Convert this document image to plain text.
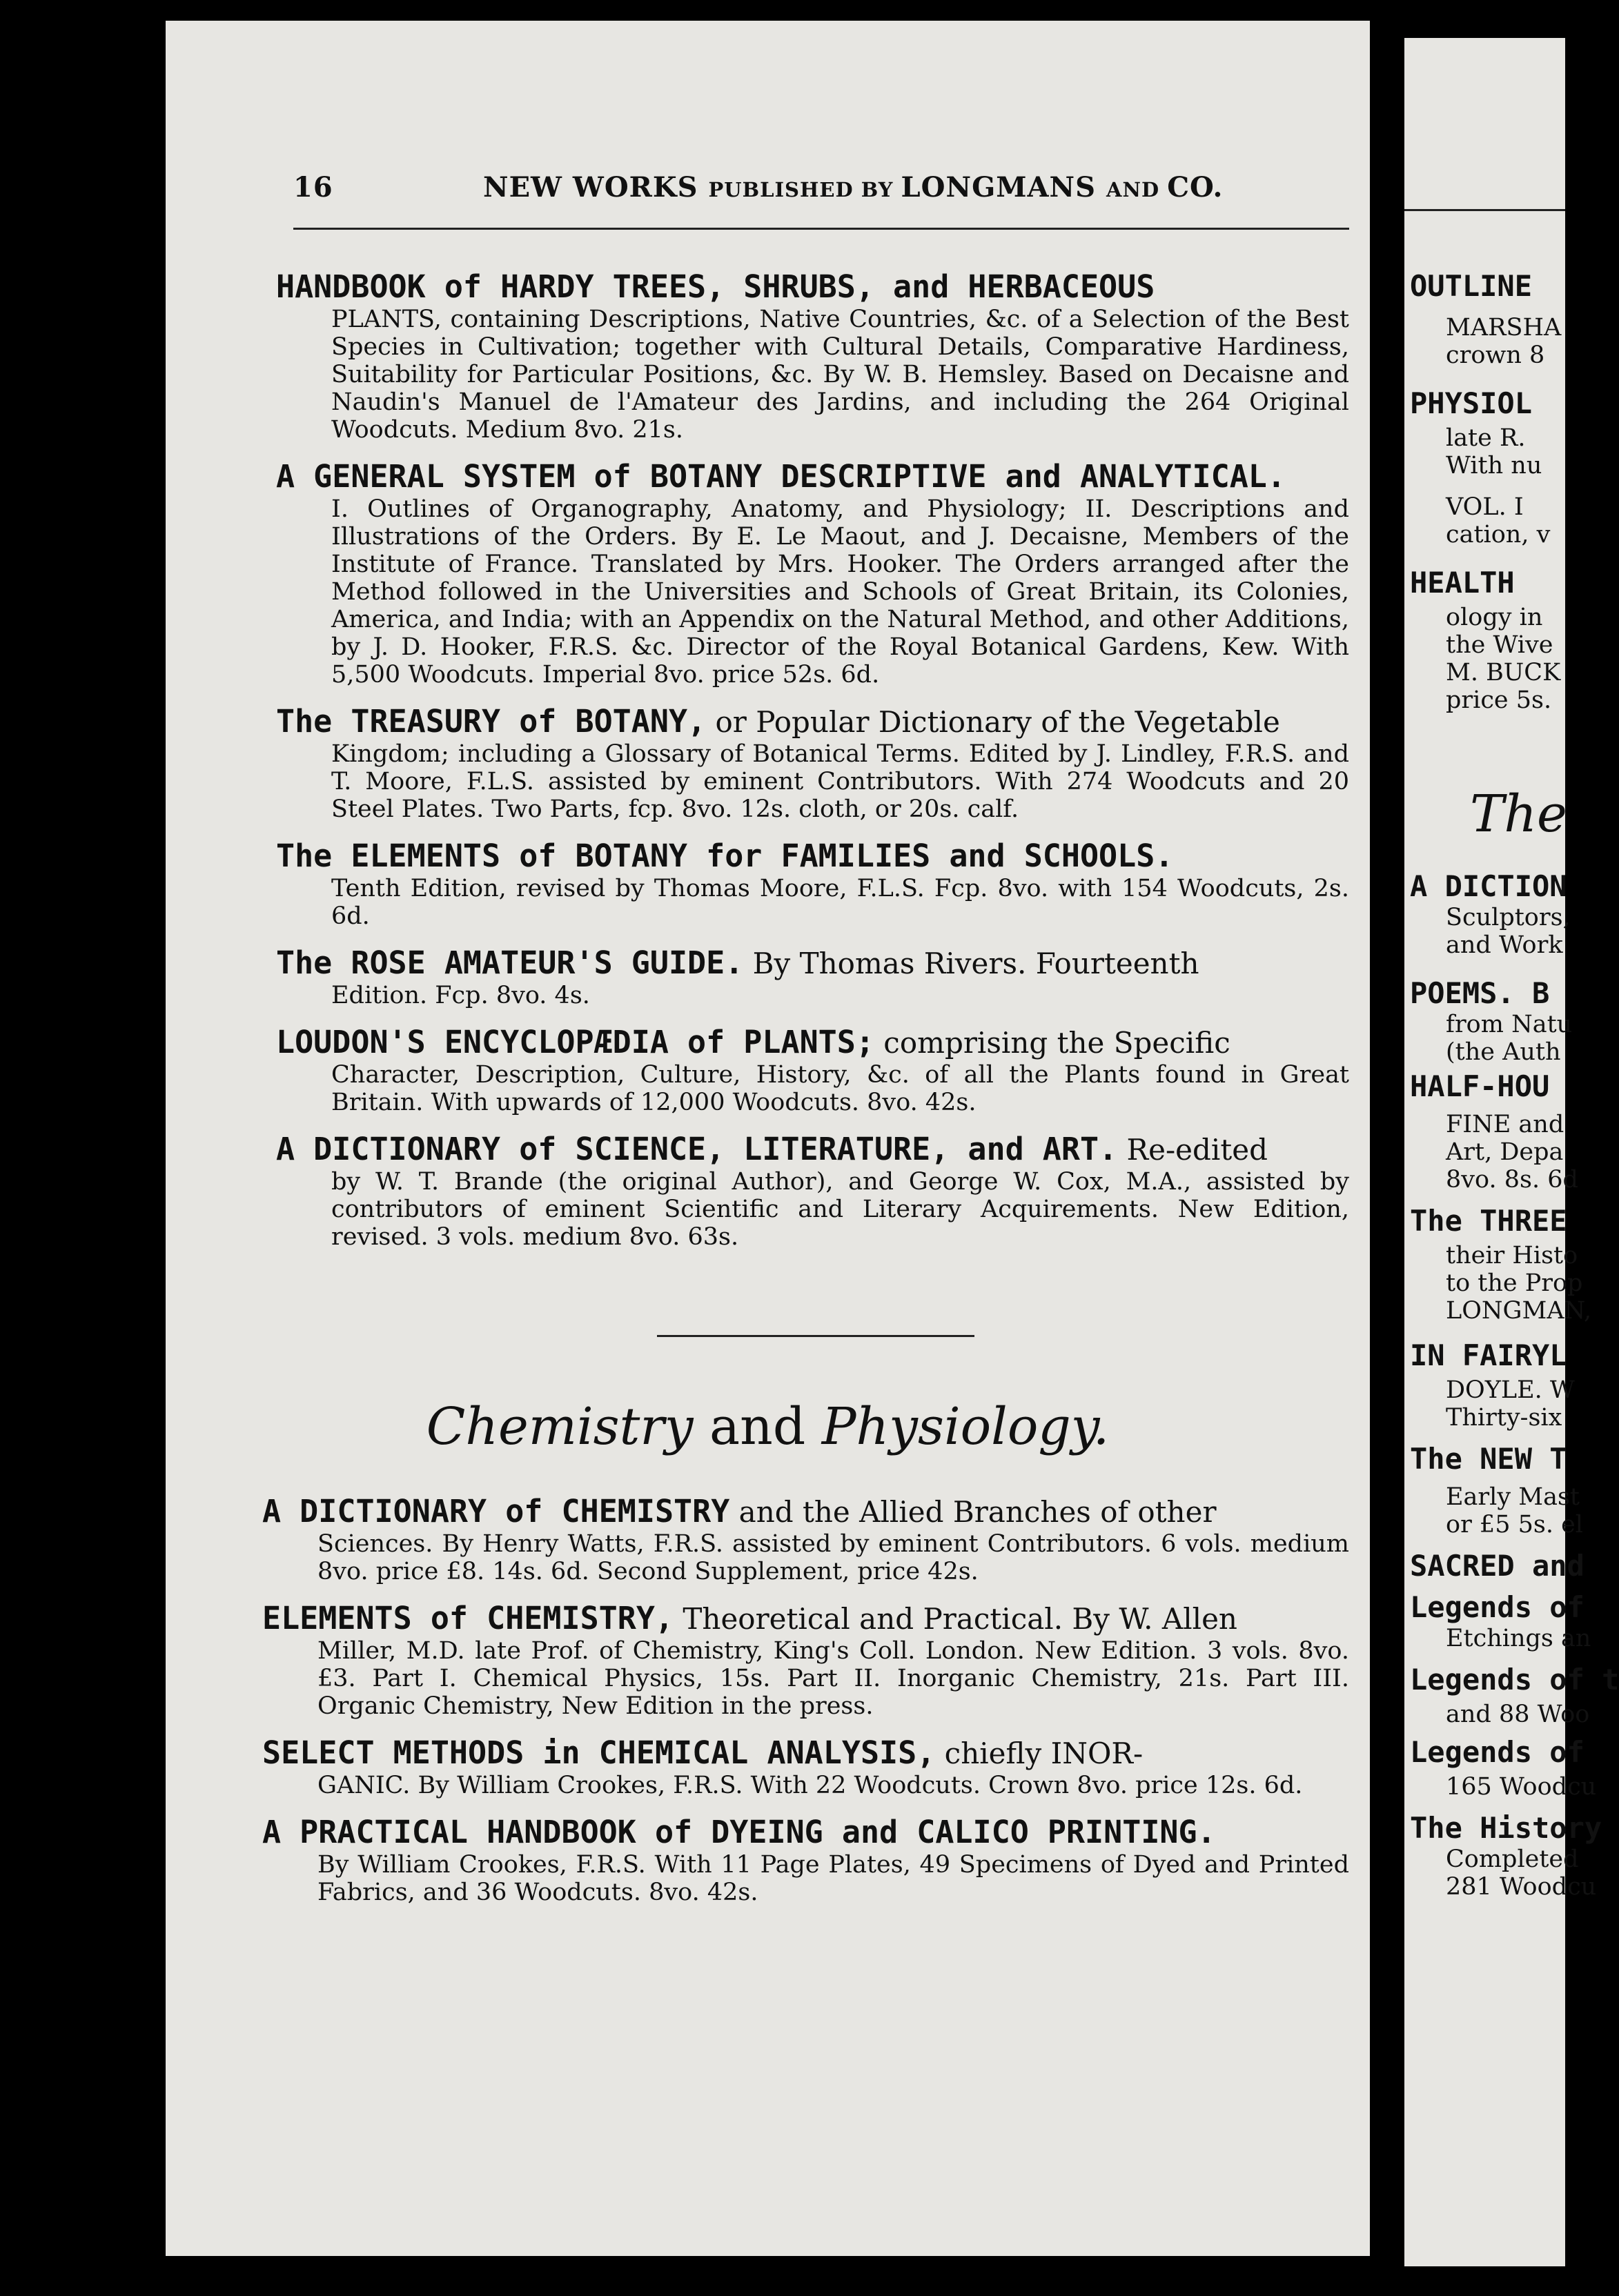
16	NEW WORKS PUBLISHED BY LONGMANS AND CO.
HANDBOOK of HARDY TREES, SHRUBS, and HERBACEOUS
PLANTS, containing Descriptions, Native Countries, &c. of a Selection of the Best Species in Cultivation; together with Cultural Details, Comparative Hardiness, Suitability for Particular Positions, &c. By W. B. Hemsley. Based on Decaisne and Naudin's Manuel de l'Amateur des Jardins, and including the 264 Original Woodcuts. Medium 8vo. 21s.
A GENERAL SYSTEM of BOTANY DESCRIPTIVE and ANALYTICAL.
I. Outlines of Organography, Anatomy, and Physiology; II. Descriptions and Illustrations of the Orders. By E. Le Maout, and J. Decaisne, Members of the Institute of France. Translated by Mrs. Hooker. The Orders arranged after the Method followed in the Universities and Schools of Great Britain, its Colonies, America, and India; with an Appendix on the Natural Method, and other Additions, by J. D. Hooker, F.R.S. &c. Director of the Royal Botanical Gardens, Kew. With 5,500 Woodcuts. Imperial 8vo. price 52s. 6d.
The TREASURY of BOTANY, or Popular Dictionary of the Vegetable
Kingdom; including a Glossary of Botanical Terms. Edited by J. Lindley, F.R.S. and T. Moore, F.L.S. assisted by eminent Contributors. With 274 Woodcuts and 20 Steel Plates. Two Parts, fcp. 8vo. 12s. cloth, or 20s. calf.
The ELEMENTS of BOTANY for FAMILIES and SCHOOLS.
Tenth Edition, revised by Thomas Moore, F.L.S. Fcp. 8vo. with 154 Woodcuts, 2s. 6d.
The ROSE AMATEUR'S GUIDE. By Thomas Rivers. Fourteenth
Edition. Fcp. 8vo. 4s.
LOUDON'S ENCYCLOPÆDIA of PLANTS; comprising the Specific
Character, Description, Culture, History, &c. of all the Plants found in Great Britain. With upwards of 12,000 Woodcuts. 8vo. 42s.
A DICTIONARY of SCIENCE, LITERATURE, and ART. Re-edited
by W. T. Brande (the original Author), and George W. Cox, M.A., assisted by contributors of eminent Scientific and Literary Acquirements. New Edition, revised. 3 vols. medium 8vo. 63s.
Chemistry and Physiology.
A DICTIONARY of CHEMISTRY and the Allied Branches of other
Sciences. By Henry Watts, F.R.S. assisted by eminent Contributors. 6 vols. medium 8vo. price £8. 14s. 6d. Second Supplement, price 42s.
ELEMENTS of CHEMISTRY, Theoretical and Practical. By W. Allen
Miller, M.D. late Prof. of Chemistry, King's Coll. London. New Edition. 3 vols. 8vo. £3. Part I. Chemical Physics, 15s. Part II. Inorganic Chemistry, 21s. Part III. Organic Chemistry, New Edition in the press.
SELECT METHODS in CHEMICAL ANALYSIS, chiefly INOR-
GANIC. By William Crookes, F.R.S. With 22 Woodcuts. Crown 8vo. price 12s. 6d.
A PRACTICAL HANDBOOK of DYEING and CALICO PRINTING.
By William Crookes, F.R.S. With 11 Page Plates, 49 Specimens of Dyed and Printed Fabrics, and 36 Woodcuts. 8vo. 42s.
OUTLINE
MARSHA
crown 8
PHYSIOL
late R.
With nu
VOL. I
cation, v
HEALTH
ology in
the Wive
M. BUCK
price 5s.
The
A DICTION
Sculptors,
and Work
POEMS. B
from Natu
(the Auth
HALF-HOU
FINE and
Art, Depa
8vo. 8s. 6d
The THREE
their Histo
to the Prop
LONGMAN,
IN FAIRYL
DOYLE. W
Thirty-six
The NEW T
Early Mast
or £5 5s. el
SACRED and
Legends of
Etchings an
Legends of t
and 88 Woo
Legends of
165 Woodcu
The History
Completed
281 Woodcu
